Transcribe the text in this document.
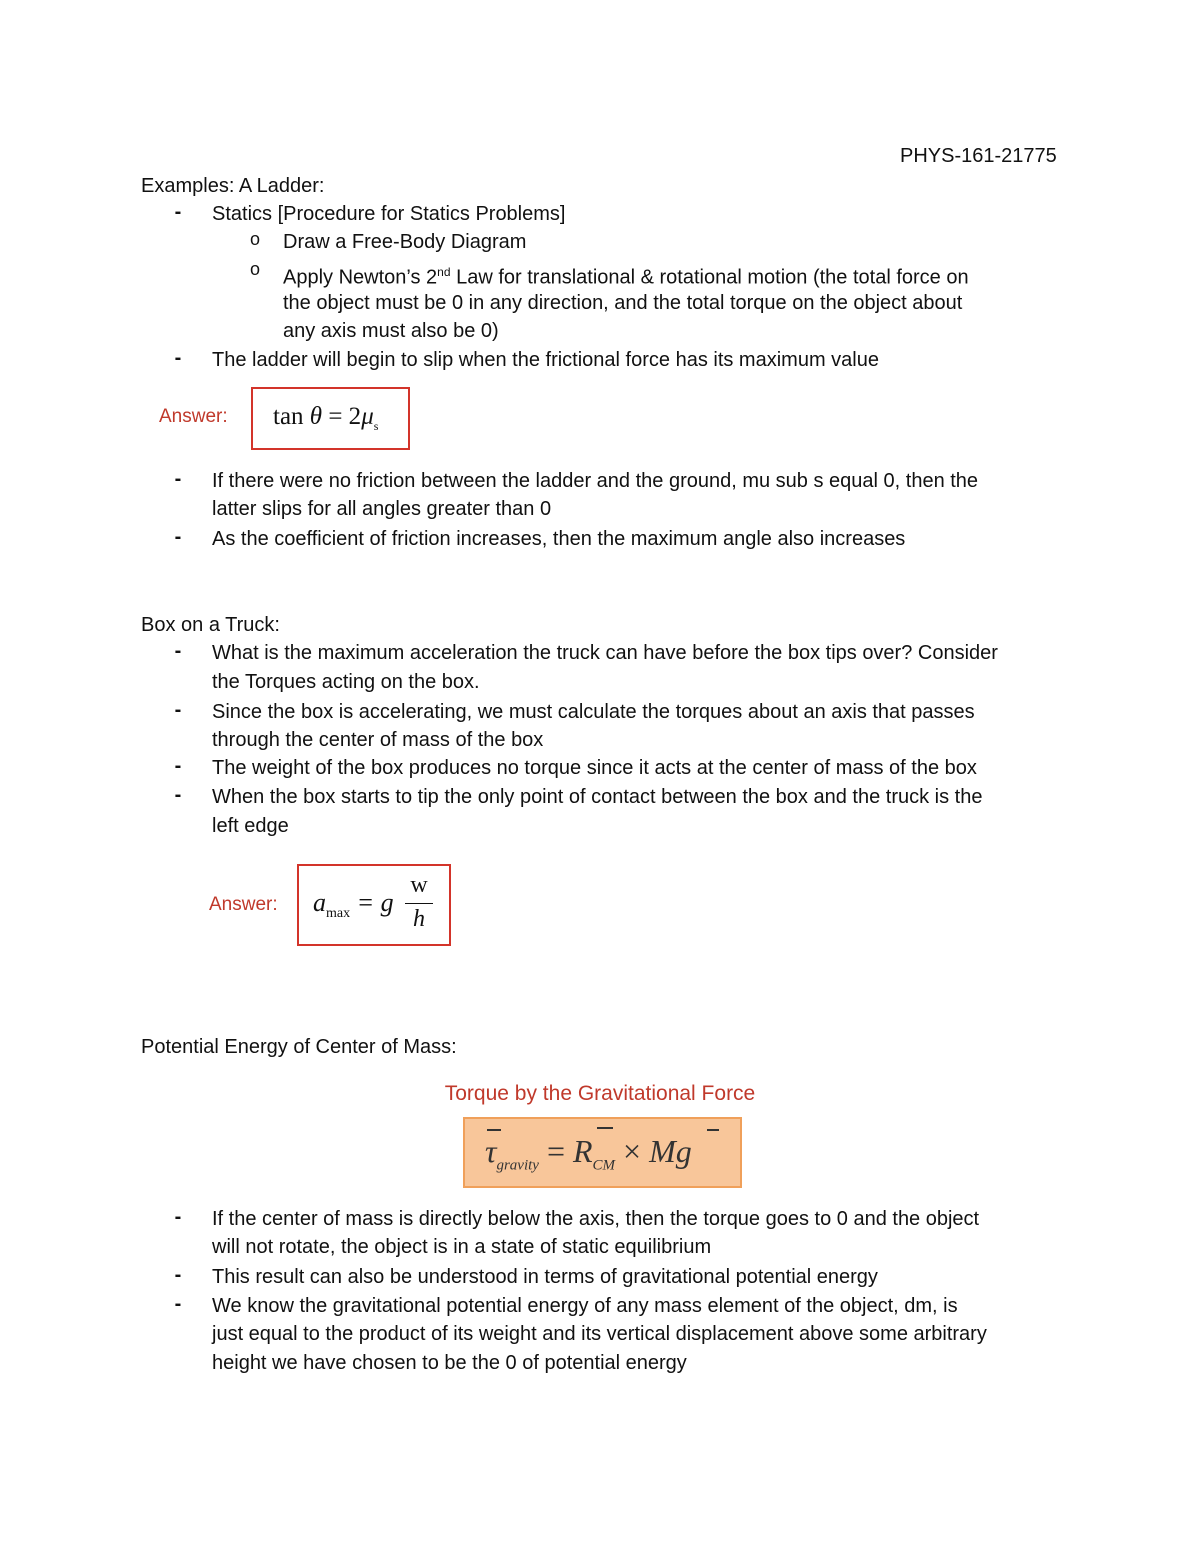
PHYS-161-21775
Examples: A Ladder:
-	Statics [Procedure for Statics Problems]
o Draw a Free-Body Diagram
o Apply Newton’s 2nd Law for translational & rotational motion (the total force on
the object must be 0 in any direction, and the total torque on the object about
any axis must also be 0)
-	The ladder will begin to slip when the frictional force has its maximum value
Answer: $\tan \theta = 2\mu_s$
-	If there were no friction between the ladder and the ground, mu sub s equal 0, then the
latter slips for all angles greater than 0
-	As the coefficient of friction increases, then the maximum angle also increases
Box on a Truck:
-	What is the maximum acceleration the truck can have before the box tips over? Consider
the Torques acting on the box.
-	Since the box is accelerating, we must calculate the torques about an axis that passes
through the center of mass of the box
-	The weight of the box produces no torque since it acts at the center of mass of the box
-	When the box starts to tip the only point of contact between the box and the truck is the
left edge
Answer: $a_{max} = g$
w
h
Potential Energy of Center of Mass:
Torque by the Gravitational Force
$\tau_{gravity} = R_{CM} \times Mg$
-	If the center of mass is directly below the axis, then the torque goes to 0 and the object
will not rotate, the object is in a state of static equilibrium
-	This result can also be understood in terms of gravitational potential energy
-	We know the gravitational potential energy of any mass element of the object, dm, is
just equal to the product of its weight and its vertical displacement above some arbitrary
height we have chosen to be the 0 of potential energy
